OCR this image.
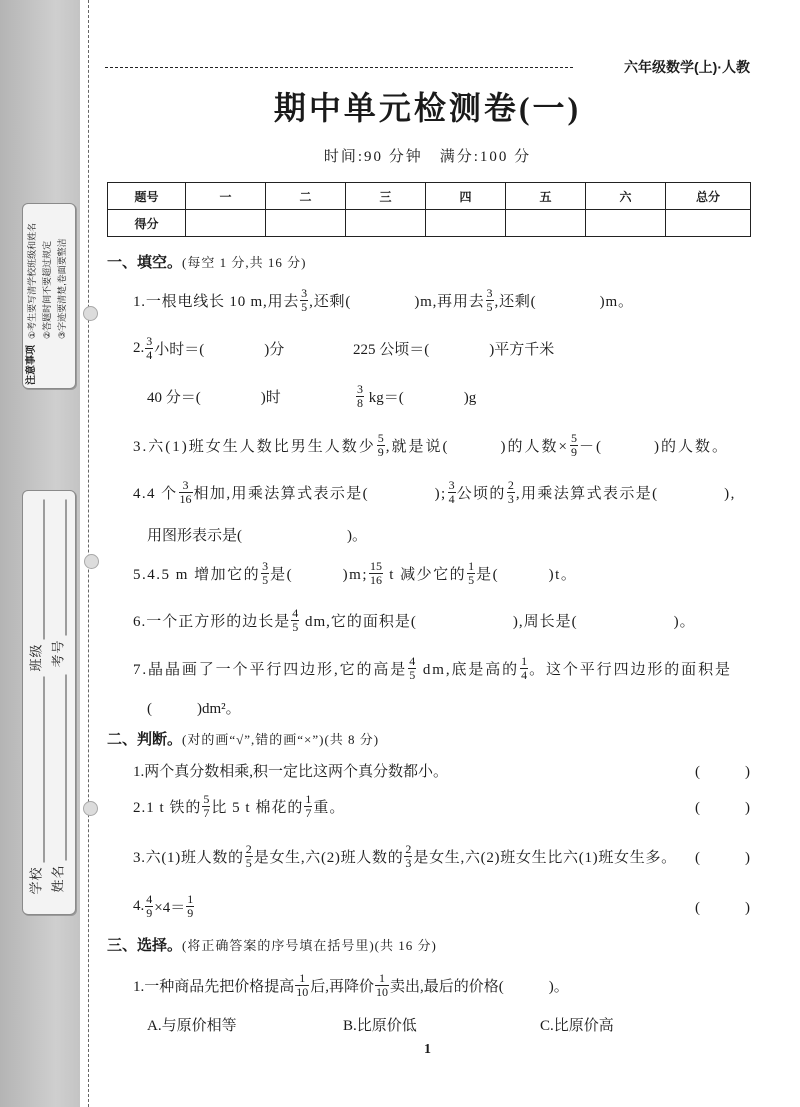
注意事项
①考生要写清学校班级和姓名 ②答题时间不要超过规定 ③字迹要清楚,卷面要整洁
学校
班级
姓名
考号
六年级数学(上)·人教
期中单元检测卷(一)
时间:90 分钟　满分:100 分
题号	一	二	三	四	五	六	总分
得分							
一、填空。 (每空 1 分,共 16 分)
1.一根电线长 10 m,用去 $\frac{3}{5}$ ,还剩(　　　　)m,再用去 $\frac{3}{5}$ ,还剩(　　　　)m。
2. $\frac{3}{4}$ 小时＝(　　　　)分	225 公顷＝(　　　　)平方千米
40 分＝(　　　　)时	$\frac{3}{8} kg=$(　　　　)g
3.六(1)班女生人数比男生人数少 $\frac{5}{9}$ ,就是说(　　　)的人数× $\frac{5}{9}$ －(　　　)的人数。
4.4 个 $\frac{3}{16}$ 相加,用乘法算式表示是(　　　　); $\frac{3}{4}$ 公顷的 $\frac{2}{3}$ ,用乘法算式表示是(　　　　),
用图形表示是(　　　　　　　)。
5.4.5 m 增加它的 $\frac{3}{5}$ 是(　　　)m; $\frac{15}{16}$ t 减少它的 $\frac{1}{5}$ 是(　　　)t。
6.一个正方形的边长是 $\frac{4}{5}$ dm,它的面积是(　　　　　　),周长是(　　　　　　)。
7.晶晶画了一个平行四边形,它的高是 $\frac{4}{5}$ dm,底是高的 $\frac{1}{4}$ 。这个平行四边形的面积是
(　　　)dm²。
二、判断。 (对的画“√”,错的画“×”)(共 8 分)
1.两个真分数相乘,积一定比这两个真分数都小。	(　　　)
2.1 t 铁的 $\frac{5}{7}$ 比 5 t 棉花的 $\frac{1}{7}$ 重。	(　　　)
3.六(1)班人数的 $\frac{2}{5}$ 是女生,六(2)班人数的 $\frac{2}{3}$ 是女生,六(2)班女生比六(1)班女生多。 (　　　)
4. $\frac{4}{9} \times 4= \frac{1}{9}$	(　　　)
三、选择。 (将正确答案的序号填在括号里)(共 16 分)
1.一种商品先把价格提高 $\frac{1}{10}$ 后,再降价 $\frac{1}{10}$ 卖出,最后的价格(　　　)。
A.与原价相等	B.比原价低	C.比原价高
1
